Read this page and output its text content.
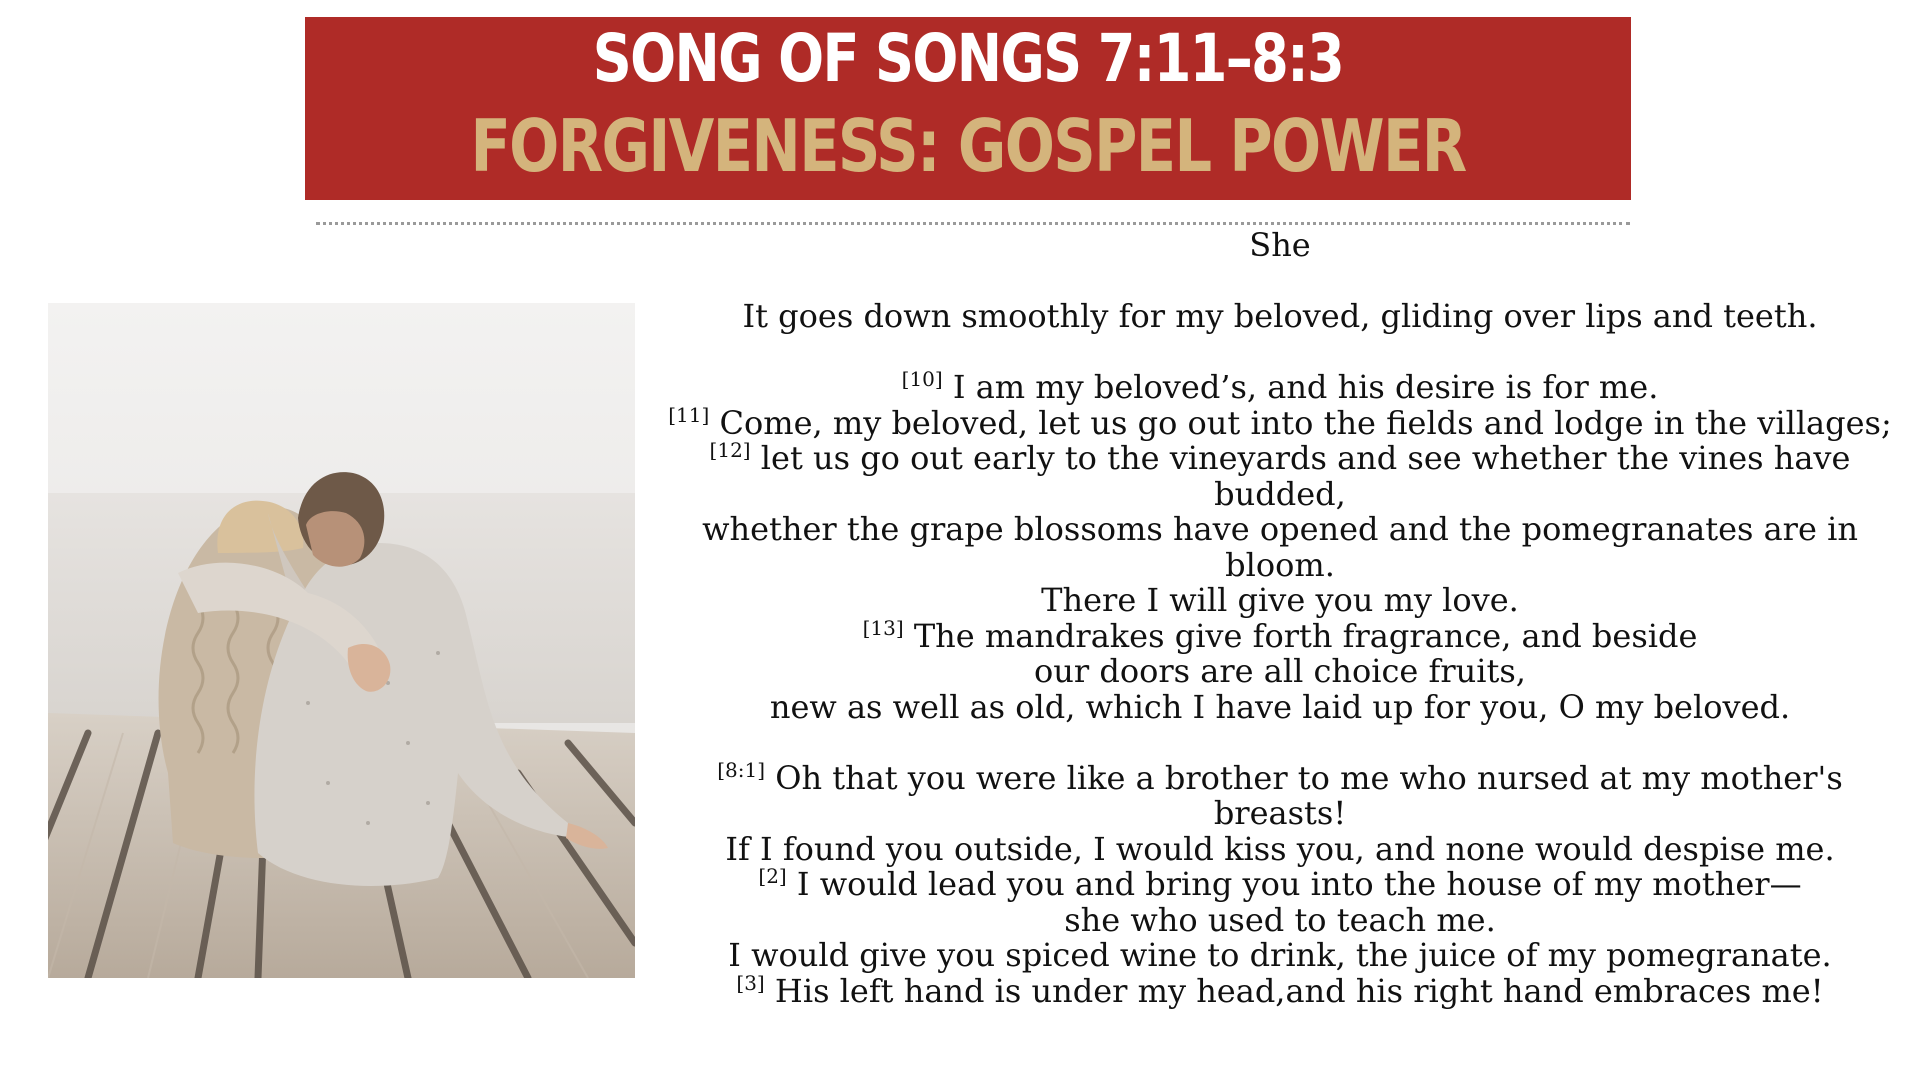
SONG OF SONGS 7:11–8:3
FORGIVENESS: GOSPEL POWER
She
It goes down smoothly for my beloved, gliding over lips and teeth.
[10] I am my beloved’s, and his desire is for me.
[11] Come, my beloved, let us go out into the fields and lodge in the villages;
[12] let us go out early to the vineyards and see whether the vines have
budded,
whether the grape blossoms have opened and the pomegranates are in
bloom.
There I will give you my love.
[13] The mandrakes give forth fragrance, and beside
our doors are all choice fruits,
new as well as old, which I have laid up for you, O my beloved.
[8:1] Oh that you were like a brother to me who nursed at my mother's
breasts!
If I found you outside, I would kiss you, and none would despise me.
[2] I would lead you and bring you into the house of my mother—
she who used to teach me.
I would give you spiced wine to drink, the juice of my pomegranate.
[3] His left hand is under my head,and his right hand embraces me!
